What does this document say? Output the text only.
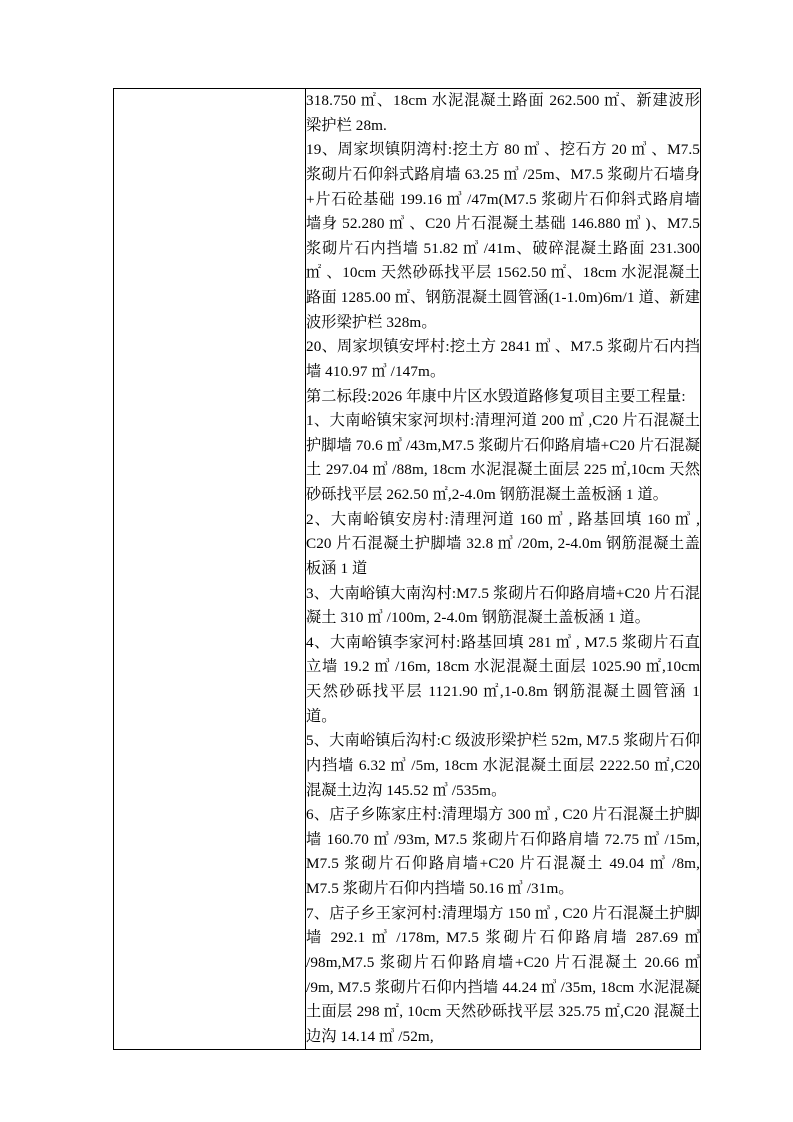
318.750 ㎡、18cm 水泥混凝土路面 262.500 ㎡、新建波形梁护栏 28m.

19、周家坝镇阴湾村:挖土方 80 ㎥ 、挖石方 20 ㎥ 、M7.5 浆砌片石仰斜式路肩墙 63.25 ㎥ /25m、M7.5 浆砌片石墙身+片石砼基础 199.16 ㎥ /47m(M7.5 浆砌片石仰斜式路肩墙墙身 52.280 ㎥ 、C20 片石混凝土基础 146.880 ㎥ )、M7.5 浆砌片石内挡墙 51.82 ㎥ /41m、破碎混凝土路面 231.300 ㎡ 、10cm 天然砂砾找平层 1562.50 ㎡、18cm 水泥混凝土路面 1285.00 ㎡、钢筋混凝土圆管涵(1-1.0m)6m/1 道、新建波形梁护栏 328m。

20、周家坝镇安坪村:挖土方 2841 ㎥ 、M7.5 浆砌片石内挡墙 410.97 ㎥ /147m。

第二标段:2026 年康中片区水毁道路修复项目主要工程量:

1、大南峪镇宋家河坝村:清理河道 200 ㎥ ,C20 片石混凝土护脚墙 70.6 ㎥ /43m,M7.5 浆砌片石仰路肩墙+C20 片石混凝土 297.04 ㎥ /88m, 18cm 水泥混凝土面层 225 ㎡,10cm 天然砂砾找平层 262.50 ㎡,2-4.0m 钢筋混凝土盖板涵 1 道。

2、大南峪镇安房村:清理河道 160 ㎥ , 路基回填 160 ㎥ , C20 片石混凝土护脚墙 32.8 ㎥ /20m, 2-4.0m 钢筋混凝土盖板涵 1 道

3、大南峪镇大南沟村:M7.5 浆砌片石仰路肩墙+C20 片石混凝土 310 ㎥ /100m, 2-4.0m 钢筋混凝土盖板涵 1 道。

4、大南峪镇李家河村:路基回填 281 ㎥ , M7.5 浆砌片石直立墙 19.2 ㎥ /16m, 18cm 水泥混凝土面层 1025.90 ㎡,10cm 天然砂砾找平层 1121.90 ㎡,1-0.8m 钢筋混凝土圆管涵 1 道。

5、大南峪镇后沟村:C 级波形梁护栏 52m, M7.5 浆砌片石仰内挡墙 6.32 ㎥ /5m, 18cm 水泥混凝土面层 2222.50 ㎡,C20 混凝土边沟 145.52 ㎥ /535m。

6、店子乡陈家庄村:清理塌方 300 ㎥ , C20 片石混凝土护脚墙 160.70 ㎥ /93m, M7.5 浆砌片石仰路肩墙 72.75 ㎥ /15m, M7.5 浆砌片石仰路肩墙+C20 片石混凝土 49.04 ㎥ /8m, M7.5 浆砌片石仰内挡墙 50.16 ㎥ /31m。

7、店子乡王家河村:清理塌方 150 ㎥ , C20 片石混凝土护脚墙 292.1 ㎥ /178m, M7.5 浆砌片石仰路肩墙 287.69 ㎥ /98m,M7.5 浆砌片石仰路肩墙+C20 片石混凝土 20.66 ㎥ /9m, M7.5 浆砌片石仰内挡墙 44.24 ㎥ /35m, 18cm 水泥混凝土面层 298 ㎡, 10cm 天然砂砾找平层 325.75 ㎡,C20 混凝土边沟 14.14 ㎥ /52m,
